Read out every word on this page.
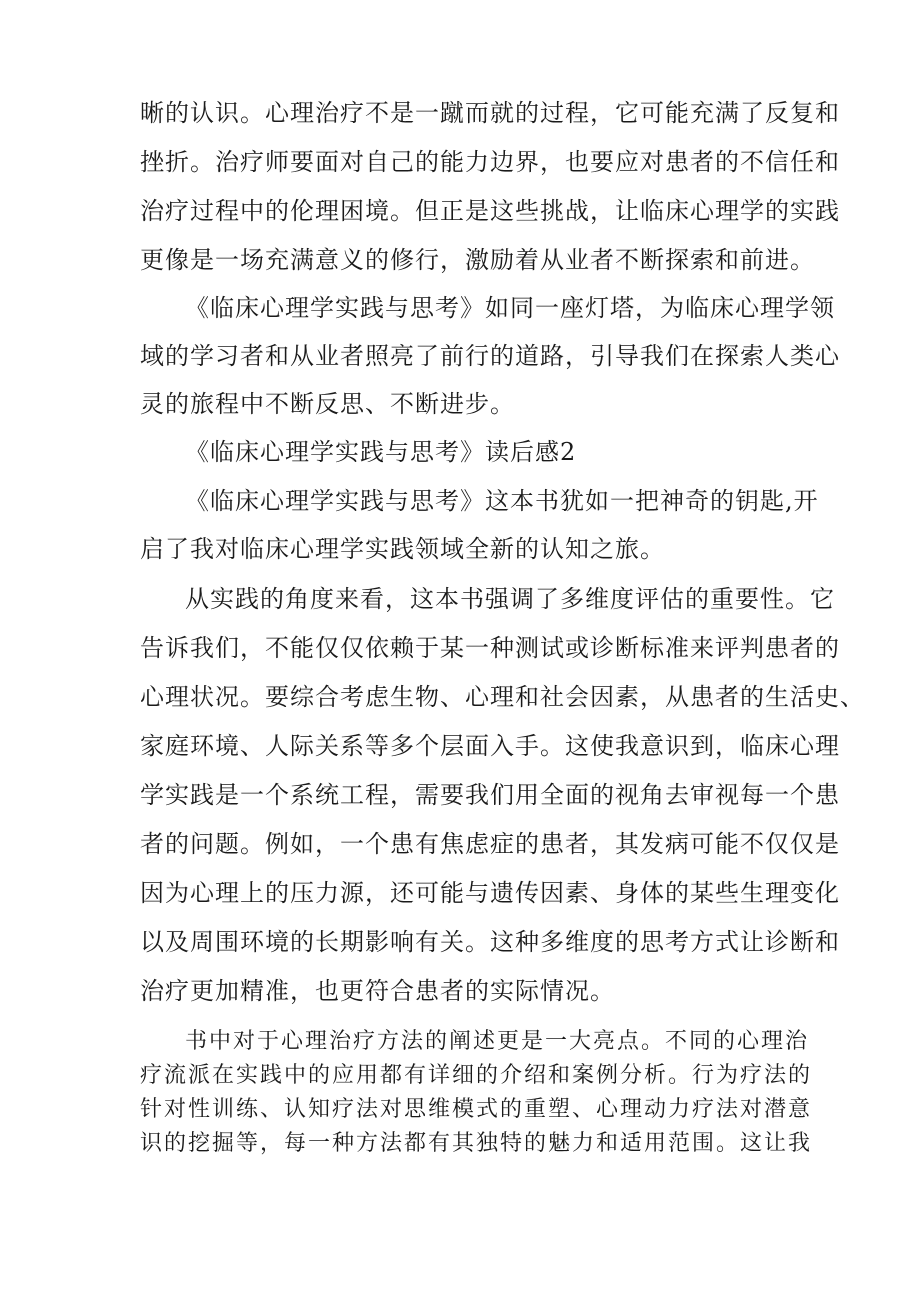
晰的认识。心理治疗不是一蹴而就的过程，它可能充满了反复和
挫折。治疗师要面对自己的能力边界，也要应对患者的不信任和
治疗过程中的伦理困境。但正是这些挑战，让临床心理学的实践
更像是一场充满意义的修行，激励着从业者不断探索和前进。
《临床心理学实践与思考》如同一座灯塔，为临床心理学领
域的学习者和从业者照亮了前行的道路，引导我们在探索人类心
灵的旅程中不断反思、不断进步。
《临床心理学实践与思考》读后感2
《临床心理学实践与思考》这本书犹如一把神奇的钥匙,开
启了我对临床心理学实践领域全新的认知之旅。
从实践的角度来看，这本书强调了多维度评估的重要性。它
告诉我们，不能仅仅依赖于某一种测试或诊断标准来评判患者的
心理状况。要综合考虑生物、心理和社会因素，从患者的生活史、
家庭环境、人际关系等多个层面入手。这使我意识到，临床心理
学实践是一个系统工程，需要我们用全面的视角去审视每一个患
者的问题。例如，一个患有焦虑症的患者，其发病可能不仅仅是
因为心理上的压力源，还可能与遗传因素、身体的某些生理变化
以及周围环境的长期影响有关。这种多维度的思考方式让诊断和
治疗更加精准，也更符合患者的实际情况。
书中对于心理治疗方法的阐述更是一大亮点。不同的心理治
疗流派在实践中的应用都有详细的介绍和案例分析。行为疗法的
针对性训练、认知疗法对思维模式的重塑、心理动力疗法对潜意
识的挖掘等，每一种方法都有其独特的魅力和适用范围。这让我
